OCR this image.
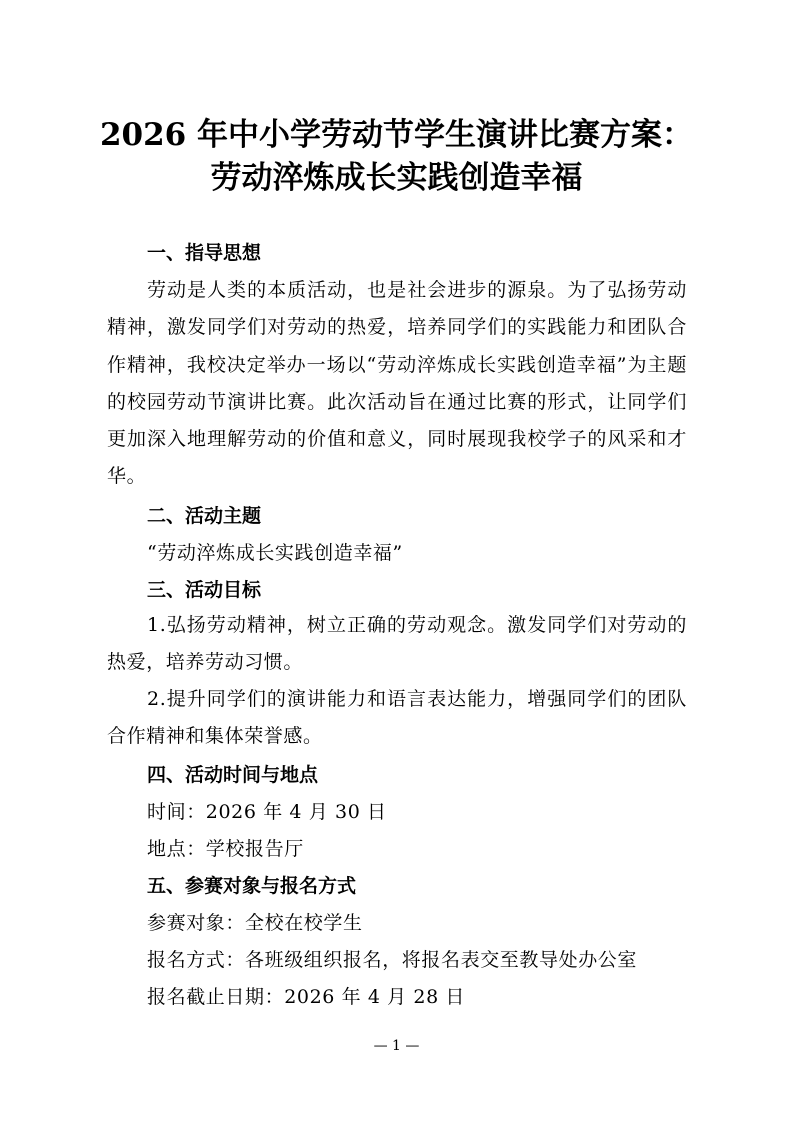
2026 年中小学劳动节学生演讲比赛方案：
劳动淬炼成长实践创造幸福
一、指导思想
劳动是人类的本质活动，也是社会进步的源泉。为了弘扬劳动精神，激发同学们对劳动的热爱，培养同学们的实践能力和团队合作精神，我校决定举办一场以“劳动淬炼成长实践创造幸福”为主题的校园劳动节演讲比赛。此次活动旨在通过比赛的形式，让同学们更加深入地理解劳动的价值和意义，同时展现我校学子的风采和才华。
二、活动主题
“劳动淬炼成长实践创造幸福”
三、活动目标
1.弘扬劳动精神，树立正确的劳动观念。激发同学们对劳动的热爱，培养劳动习惯。
2.提升同学们的演讲能力和语言表达能力，增强同学们的团队合作精神和集体荣誉感。
四、活动时间与地点
时间：2026 年 4 月 30 日
地点：学校报告厅
五、参赛对象与报名方式
参赛对象：全校在校学生
报名方式：各班级组织报名，将报名表交至教导处办公室
报名截止日期：2026 年 4 月 28 日
— 1 —
